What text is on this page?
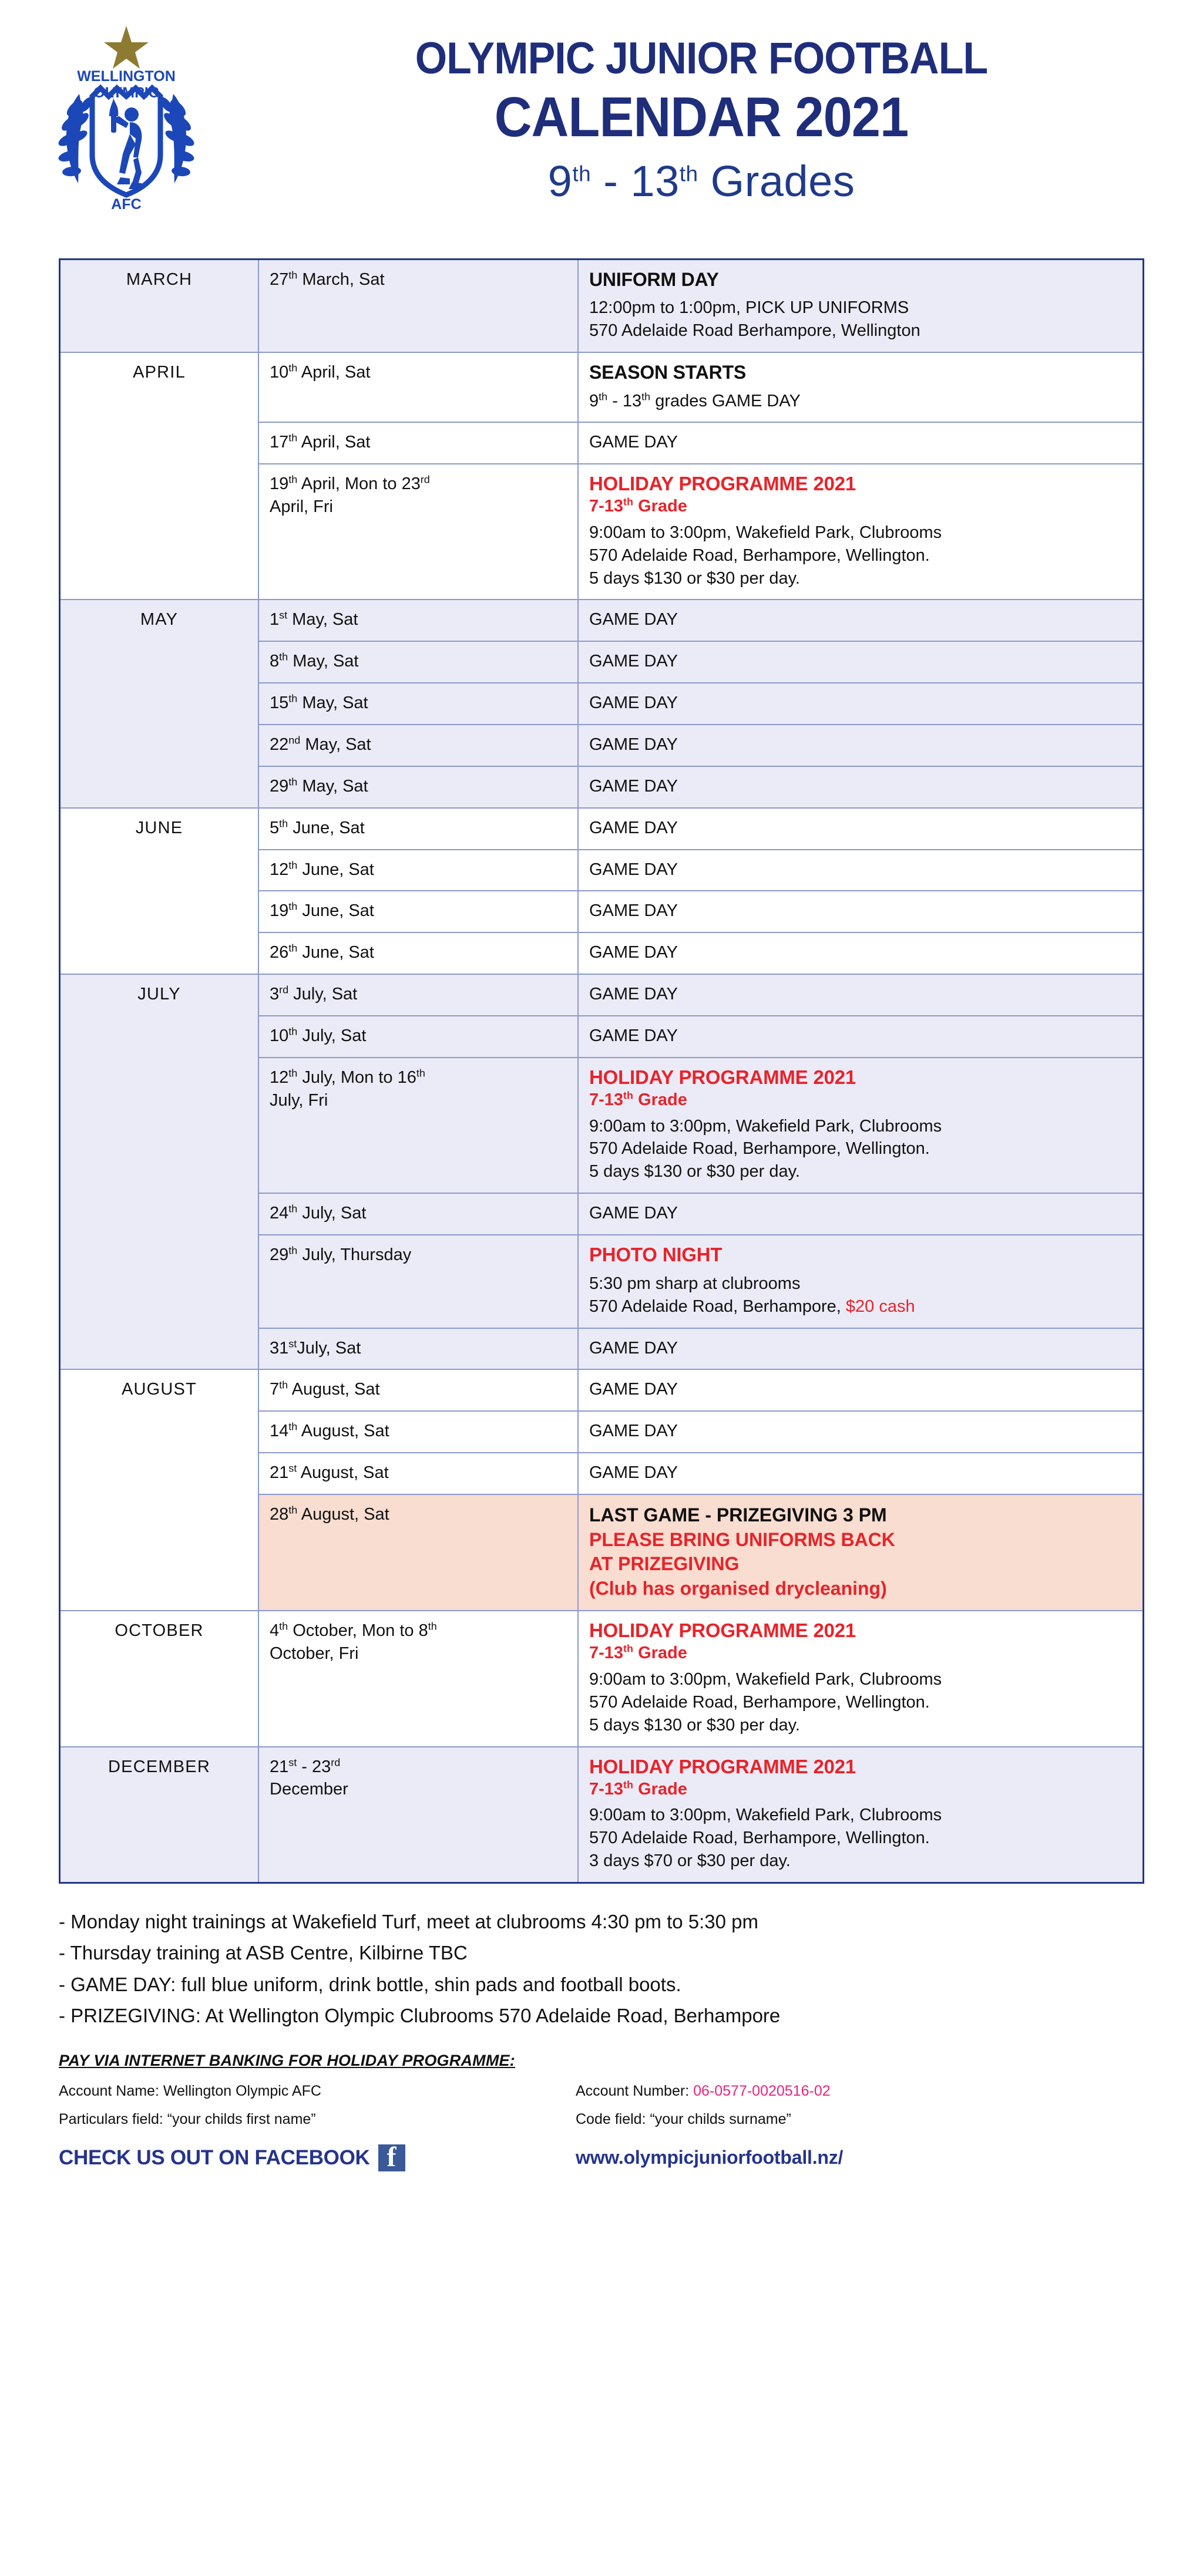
WELLINGTON
OLYMPIC
AFC
OLYMPIC JUNIOR FOOTBALL
CALENDAR 2021
9th - 13th Grades
MARCH	27th March, Sat	UNIFORM DAY
12:00pm to 1:00pm, PICK UP UNIFORMS
570 Adelaide Road Berhampore, Wellington

APRIL	10th April, Sat	SEASON STARTS
9th - 13th grades GAME DAY

	17th April, Sat	GAME DAY

	19th April, Mon to 23rd
April, Fri	HOLIDAY PROGRAMME 2021
7-13th Grade
9:00am to 3:00pm, Wakefield Park, Clubrooms
570 Adelaide Road, Berhampore, Wellington.
5 days $130 or $30 per day.

MAY	1st May, Sat	GAME DAY

	8th May, Sat	GAME DAY

	15th May, Sat	GAME DAY

	22nd May, Sat	GAME DAY

	29th May, Sat	GAME DAY

JUNE	5th June, Sat	GAME DAY

	12th June, Sat	GAME DAY

	19th June, Sat	GAME DAY

	26th June, Sat	GAME DAY

JULY	3rd July, Sat	GAME DAY

	10th July, Sat	GAME DAY

	12th July, Mon to 16th
July, Fri	HOLIDAY PROGRAMME 2021
7-13th Grade
9:00am to 3:00pm, Wakefield Park, Clubrooms
570 Adelaide Road, Berhampore, Wellington.
5 days $130 or $30 per day.

	24th July, Sat	GAME DAY

	29th July, Thursday	PHOTO NIGHT
5:30 pm sharp at clubrooms
570 Adelaide Road, Berhampore, $20 cash

	31stJuly, Sat	GAME DAY

AUGUST	7th August, Sat	GAME DAY

	14th August, Sat	GAME DAY

	21st August, Sat	GAME DAY

	28th August, Sat	LAST GAME - PRIZEGIVING 3 PM
PLEASE BRING UNIFORMS BACK
AT PRIZEGIVING
(Club has organised drycleaning)

OCTOBER	4th October, Mon to 8th
October, Fri	HOLIDAY PROGRAMME 2021
7-13th Grade
9:00am to 3:00pm, Wakefield Park, Clubrooms
570 Adelaide Road, Berhampore, Wellington.
5 days $130 or $30 per day.

DECEMBER	21st - 23rd
December	HOLIDAY PROGRAMME 2021
7-13th Grade
9:00am to 3:00pm, Wakefield Park, Clubrooms
570 Adelaide Road, Berhampore, Wellington.
3 days $70 or $30 per day.
- Monday night trainings at Wakefield Turf, meet at clubrooms 4:30 pm to 5:30 pm
- Thursday training at ASB Centre, Kilbirne TBC
- GAME DAY: full blue uniform, drink bottle, shin pads and football boots.
- PRIZEGIVING: At Wellington Olympic Clubrooms 570 Adelaide Road, Berhampore
PAY VIA INTERNET BANKING FOR HOLIDAY PROGRAMME:
Account Name: Wellington Olympic AFC	Account Number: 06-0577-0020516-02
Particulars field: “your childs first name”	Code field: “your childs surname”
CHECK US OUT ON FACEBOOK f	www.olympicjuniorfootball.nz/
